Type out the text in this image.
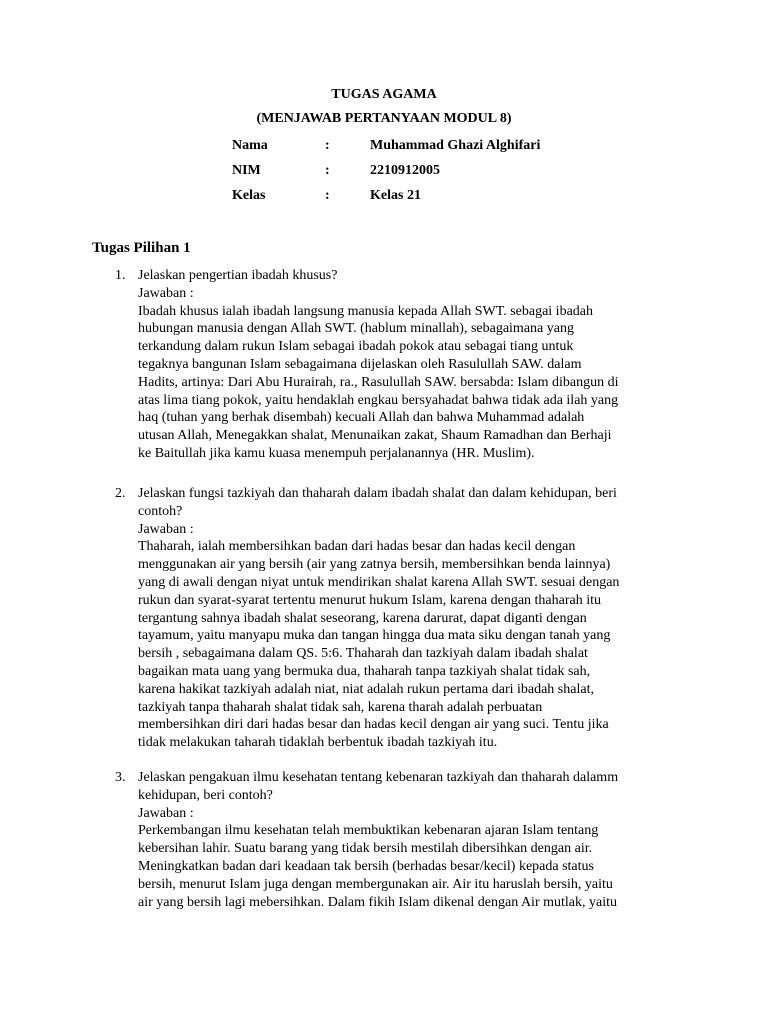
TUGAS AGAMA
(MENJAWAB PERTANYAAN MODUL 8)
Nama	:	Muhammad Ghazi Alghifari
NIM	:	2210912005
Kelas	:	Kelas 21
Tugas Pilihan 1
1. Jelaskan pengertian ibadah khusus?
Jawaban :
Ibadah khusus ialah ibadah langsung manusia kepada Allah SWT. sebagai ibadah
hubungan manusia dengan Allah SWT. (hablum minallah), sebagaimana yang
terkandung dalam rukun Islam sebagai ibadah pokok atau sebagai tiang untuk
tegaknya bangunan Islam sebagaimana dijelaskan oleh Rasulullah SAW. dalam
Hadits, artinya: Dari Abu Hurairah, ra., Rasulullah SAW. bersabda: Islam dibangun di
atas lima tiang pokok, yaitu hendaklah engkau bersyahadat bahwa tidak ada ilah yang
haq (tuhan yang berhak disembah) kecuali Allah dan bahwa Muhammad adalah
utusan Allah, Menegakkan shalat, Menunaikan zakat, Shaum Ramadhan dan Berhaji
ke Baitullah jika kamu kuasa menempuh perjalanannya (HR. Muslim).
2. Jelaskan fungsi tazkiyah dan thaharah dalam ibadah shalat dan dalam kehidupan, beri
contoh?
Jawaban :
Thaharah, ialah membersihkan badan dari hadas besar dan hadas kecil dengan
menggunakan air yang bersih (air yang zatnya bersih, membersihkan benda lainnya)
yang di awali dengan niyat untuk mendirikan shalat karena Allah SWT. sesuai dengan
rukun dan syarat-syarat tertentu menurut hukum Islam, karena dengan thaharah itu
tergantung sahnya ibadah shalat seseorang, karena darurat, dapat diganti dengan
tayamum, yaitu manyapu muka dan tangan hingga dua mata siku dengan tanah yang
bersih , sebagaimana dalam QS. 5:6. Thaharah dan tazkiyah dalam ibadah shalat
bagaikan mata uang yang bermuka dua, thaharah tanpa tazkiyah shalat tidak sah,
karena hakikat tazkiyah adalah niat, niat adalah rukun pertama dari ibadah shalat,
tazkiyah tanpa thaharah shalat tidak sah, karena tharah adalah perbuatan
membersihkan diri dari hadas besar dan hadas kecil dengan air yang suci. Tentu jika
tidak melakukan taharah tidaklah berbentuk ibadah tazkiyah itu.
3. Jelaskan pengakuan ilmu kesehatan tentang kebenaran tazkiyah dan thaharah dalamm
kehidupan, beri contoh?
Jawaban :
Perkembangan ilmu kesehatan telah membuktikan kebenaran ajaran Islam tentang
kebersihan lahir. Suatu barang yang tidak bersih mestilah dibersihkan dengan air.
Meningkatkan badan dari keadaan tak bersih (berhadas besar/kecil) kepada status
bersih, menurut Islam juga dengan membergunakan air. Air itu haruslah bersih, yaitu
air yang bersih lagi mebersihkan. Dalam fikih Islam dikenal dengan Air mutlak, yaitu
